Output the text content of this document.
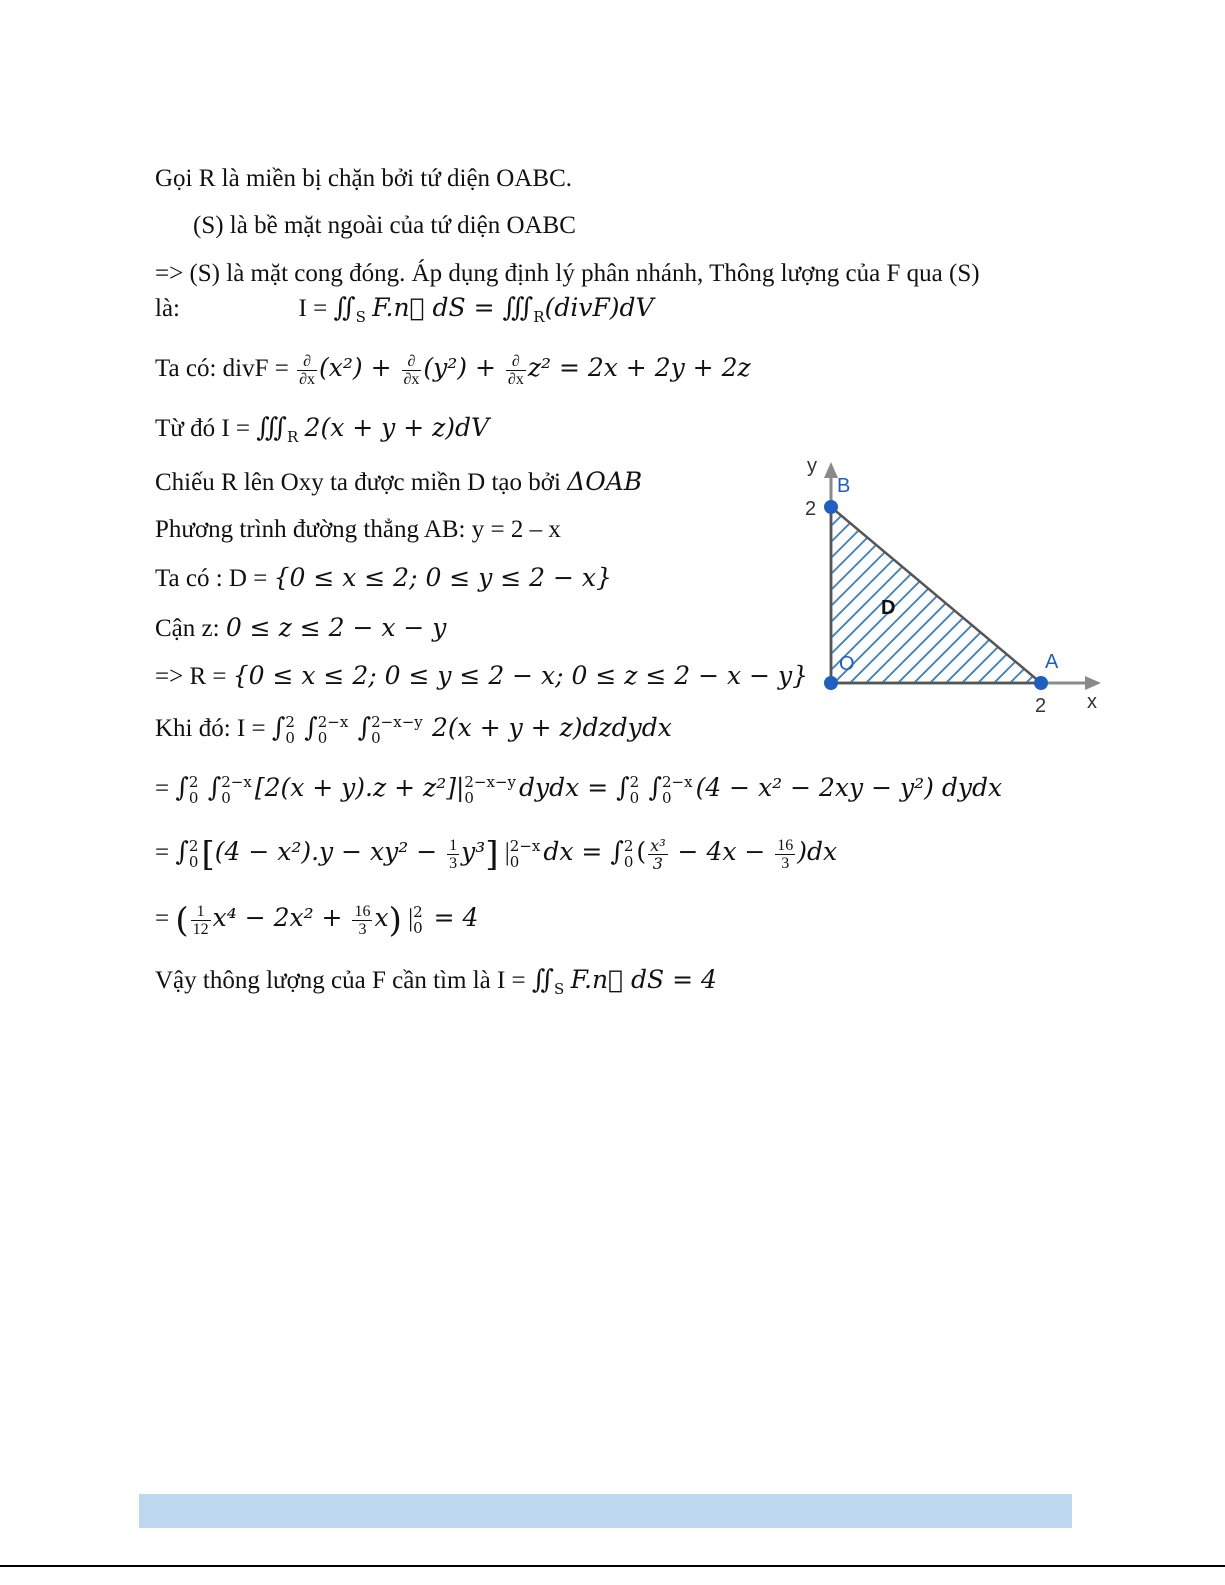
Gọi R là miền bị chặn bởi tứ diện OABC.
(S) là bề mặt ngoài của tứ diện OABC
=> (S) là mặt cong đóng. Áp dụng định lý phân nhánh, Thông lượng của F qua (S)
là:	$I = ∬_S$ F.n⃗ dS = $∭_R(divF)dV$
Ta có: divF = $\frac{\partial}{\partial x} (x^2) + \frac{\partial}{\partial x} (y^2) + \frac{\partial}{\partial x} z^2 = 2x + 2y + 2z$
Từ đó $I = ∭_R$ 2(x + y + z)dV
Chiếu R lên Oxy ta được miền D tạo bởi ΔOAB
Phương trình đường thẳng AB: y = 2 – x
Ta có : D = {0 ≤ x ≤ 2; 0 ≤ y ≤ 2 − x}
Cận z: 0 ≤ z ≤ 2 − x − y
=> R = {0 ≤ x ≤ 2; 0 ≤ y ≤ 2 − x; 0 ≤ z ≤ 2 − x − y}
Khi đó: I = ∫ 2
0 ∫ 2−x
0	∫ 2−x−y
0	2(x + y + z)dzdydx
= ∫ 2
0 ∫ 2−x
0 [2(x + y).z + z²]| 2−x−y
0	dydx = ∫ 2
0 ∫ 2−x
0 (4 − x² − 2xy − y²) dydx
= ∫ 2
0 $[(4 - x^2).y - xy^2 - \frac{1}{3} y^3]$ | 2−x
0 dx = ∫ 2
0 ( $\frac{\text{x³}}{3} - 4x - \frac{16}{3} )dx$
= ( $\frac{1}{12} x^4 - 2x^2 + \frac{16}{3} x$) | 2
0 = 4
Vậy thông lượng của F cần tìm là $I = ∬_S$ F.n⃗ dS = 4
y
x
B
A
O
D
2
2
